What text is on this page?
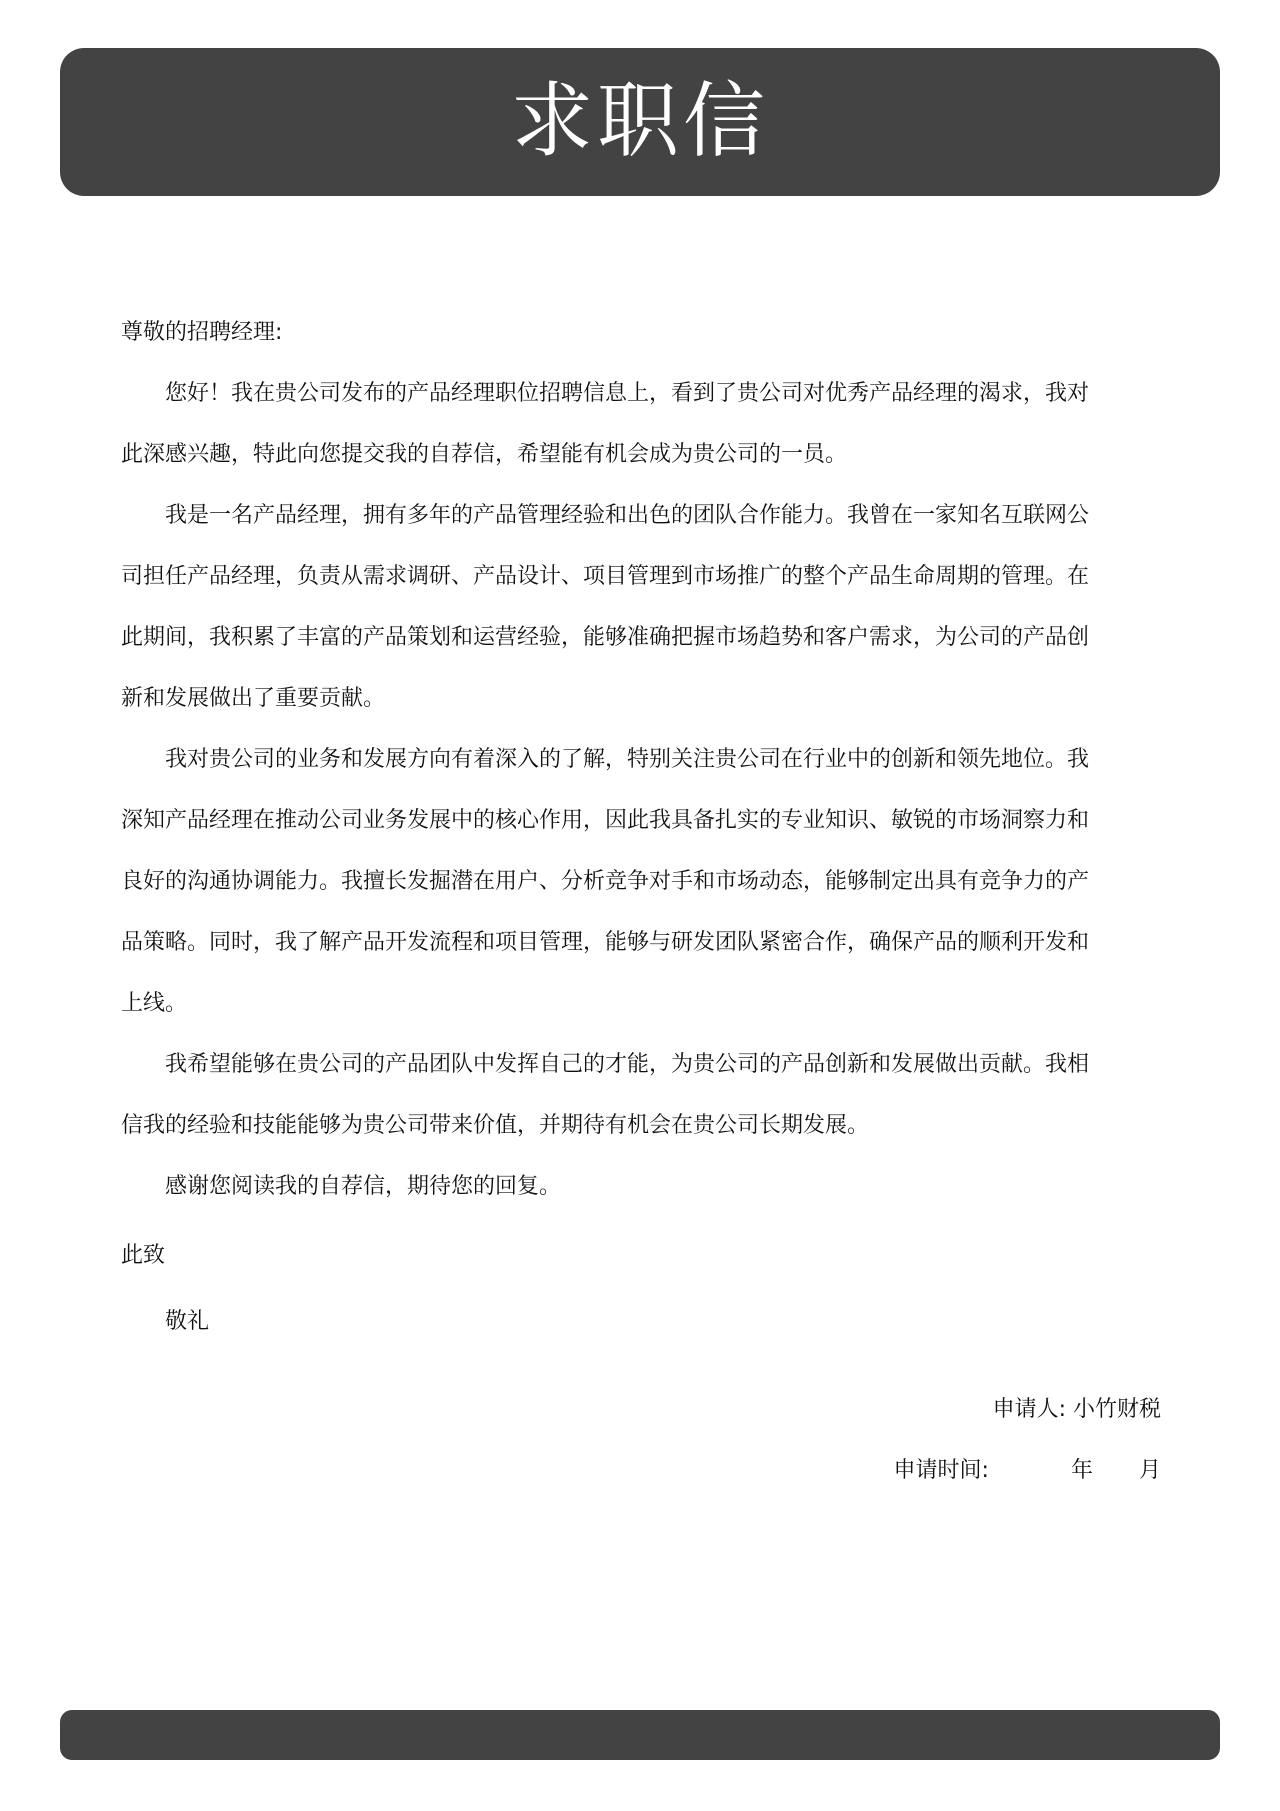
求职信

尊敬的招聘经理:

您好！我在贵公司发布的产品经理职位招聘信息上，看到了贵公司对优秀产品经理的渴求，我对

此深感兴趣，特此向您提交我的自荐信，希望能有机会成为贵公司的一员。

我是一名产品经理，拥有多年的产品管理经验和出色的团队合作能力。我曾在一家知名互联网公

司担任产品经理，负责从需求调研、产品设计、项目管理到市场推广的整个产品生命周期的管理。在

此期间，我积累了丰富的产品策划和运营经验，能够准确把握市场趋势和客户需求，为公司的产品创

新和发展做出了重要贡献。

我对贵公司的业务和发展方向有着深入的了解，特别关注贵公司在行业中的创新和领先地位。我

深知产品经理在推动公司业务发展中的核心作用，因此我具备扎实的专业知识、敏锐的市场洞察力和

良好的沟通协调能力。我擅长发掘潜在用户、分析竞争对手和市场动态，能够制定出具有竞争力的产

品策略。同时，我了解产品开发流程和项目管理，能够与研发团队紧密合作，确保产品的顺利开发和

上线。

我希望能够在贵公司的产品团队中发挥自己的才能，为贵公司的产品创新和发展做出贡献。我相

信我的经验和技能能够为贵公司带来价值，并期待有机会在贵公司长期发展。

感谢您阅读我的自荐信，期待您的回复。

此致

敬礼

申请人: 小竹财税

申请时间:	年 月
